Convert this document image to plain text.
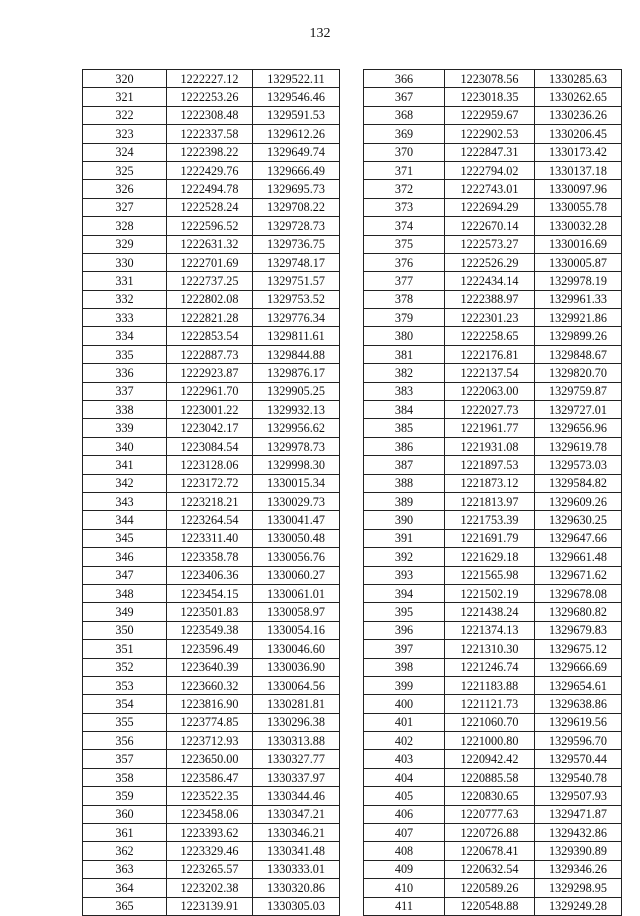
132
320	1222227.12	1329522.11
321	1222253.26	1329546.46
322	1222308.48	1329591.53
323	1222337.58	1329612.26
324	1222398.22	1329649.74
325	1222429.76	1329666.49
326	1222494.78	1329695.73
327	1222528.24	1329708.22
328	1222596.52	1329728.73
329	1222631.32	1329736.75
330	1222701.69	1329748.17
331	1222737.25	1329751.57
332	1222802.08	1329753.52
333	1222821.28	1329776.34
334	1222853.54	1329811.61
335	1222887.73	1329844.88
336	1222923.87	1329876.17
337	1222961.70	1329905.25
338	1223001.22	1329932.13
339	1223042.17	1329956.62
340	1223084.54	1329978.73
341	1223128.06	1329998.30
342	1223172.72	1330015.34
343	1223218.21	1330029.73
344	1223264.54	1330041.47
345	1223311.40	1330050.48
346	1223358.78	1330056.76
347	1223406.36	1330060.27
348	1223454.15	1330061.01
349	1223501.83	1330058.97
350	1223549.38	1330054.16
351	1223596.49	1330046.60
352	1223640.39	1330036.90
353	1223660.32	1330064.56
354	1223816.90	1330281.81
355	1223774.85	1330296.38
356	1223712.93	1330313.88
357	1223650.00	1330327.77
358	1223586.47	1330337.97
359	1223522.35	1330344.46
360	1223458.06	1330347.21
361	1223393.62	1330346.21
362	1223329.46	1330341.48
363	1223265.57	1330333.01
364	1223202.38	1330320.86
365	1223139.91	1330305.03
366	1223078.56	1330285.63
367	1223018.35	1330262.65
368	1222959.67	1330236.26
369	1222902.53	1330206.45
370	1222847.31	1330173.42
371	1222794.02	1330137.18
372	1222743.01	1330097.96
373	1222694.29	1330055.78
374	1222670.14	1330032.28
375	1222573.27	1330016.69
376	1222526.29	1330005.87
377	1222434.14	1329978.19
378	1222388.97	1329961.33
379	1222301.23	1329921.86
380	1222258.65	1329899.26
381	1222176.81	1329848.67
382	1222137.54	1329820.70
383	1222063.00	1329759.87
384	1222027.73	1329727.01
385	1221961.77	1329656.96
386	1221931.08	1329619.78
387	1221897.53	1329573.03
388	1221873.12	1329584.82
389	1221813.97	1329609.26
390	1221753.39	1329630.25
391	1221691.79	1329647.66
392	1221629.18	1329661.48
393	1221565.98	1329671.62
394	1221502.19	1329678.08
395	1221438.24	1329680.82
396	1221374.13	1329679.83
397	1221310.30	1329675.12
398	1221246.74	1329666.69
399	1221183.88	1329654.61
400	1221121.73	1329638.86
401	1221060.70	1329619.56
402	1221000.80	1329596.70
403	1220942.42	1329570.44
404	1220885.58	1329540.78
405	1220830.65	1329507.93
406	1220777.63	1329471.87
407	1220726.88	1329432.86
408	1220678.41	1329390.89
409	1220632.54	1329346.26
410	1220589.26	1329298.95
411	1220548.88	1329249.28
